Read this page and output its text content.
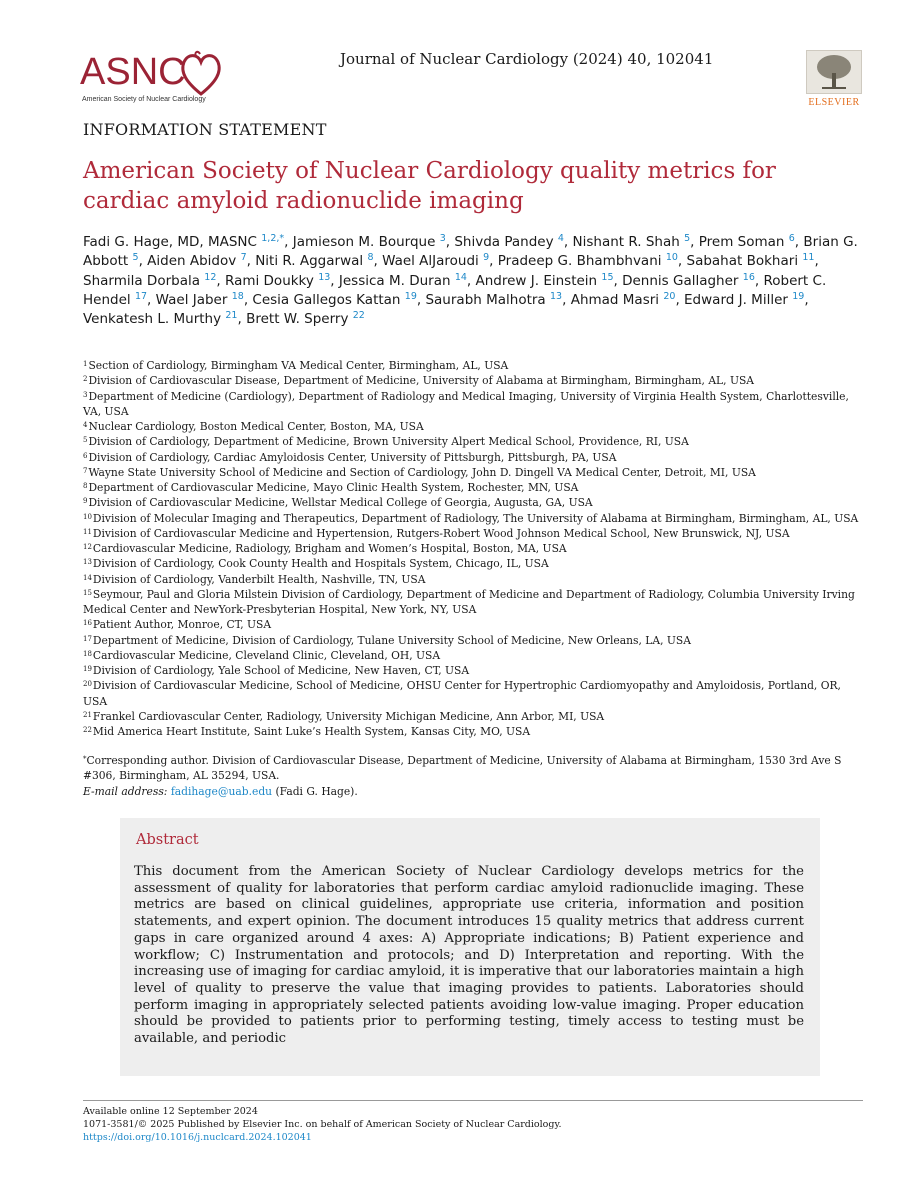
ASNC
American Society of Nuclear Cardiology
Journal of Nuclear Cardiology (2024) 40, 102041
ELSEVIER
INFORMATION STATEMENT
American Society of Nuclear Cardiology quality metrics for cardiac amyloid radionuclide imaging
Fadi G. Hage, MD, MASNC $^{1,2,*}$, Jamieson M. Bourque $^3$, Shivda Pandey $^4$, Nishant R. Shah $^5$, Prem Soman $^6$, Brian G. Abbott $^5$, Aiden Abidov $^7$, Niti R. Aggarwal $^8$, Wael AlJaroudi $^9$, Pradeep G. Bhambhvani $^{10}$, Sabahat Bokhari $^{11}$, Sharmila Dorbala $^{12}$, Rami Doukky $^{13}$, Jessica M. Duran $^{14}$, Andrew J. Einstein $^{15}$, Dennis Gallagher $^{16}$, Robert C. Hendel $^{17}$, Wael Jaber $^{18}$, Cesia Gallegos Kattan $^{19}$, Saurabh Malhotra $^{13}$, Ahmad Masri $^{20}$, Edward J. Miller $^{19}$, Venkatesh L. Murthy $^{21}$, Brett W. Sperry $^{22}$
$^1$Section of Cardiology, Birmingham VA Medical Center, Birmingham, AL, USA
$^2$Division of Cardiovascular Disease, Department of Medicine, University of Alabama at Birmingham, Birmingham, AL, USA
$^3$Department of Medicine (Cardiology), Department of Radiology and Medical Imaging, University of Virginia Health System, Charlottesville, VA, USA
$^4$Nuclear Cardiology, Boston Medical Center, Boston, MA, USA
$^5$Division of Cardiology, Department of Medicine, Brown University Alpert Medical School, Providence, RI, USA
$^6$Division of Cardiology, Cardiac Amyloidosis Center, University of Pittsburgh, Pittsburgh, PA, USA
$^7$Wayne State University School of Medicine and Section of Cardiology, John D. Dingell VA Medical Center, Detroit, MI, USA
$^8$Department of Cardiovascular Medicine, Mayo Clinic Health System, Rochester, MN, USA
$^9$Division of Cardiovascular Medicine, Wellstar Medical College of Georgia, Augusta, GA, USA
$^{10}$Division of Molecular Imaging and Therapeutics, Department of Radiology, The University of Alabama at Birmingham, Birmingham, AL, USA
$^{11}$Division of Cardiovascular Medicine and Hypertension, Rutgers-Robert Wood Johnson Medical School, New Brunswick, NJ, USA
$^{12}$Cardiovascular Medicine, Radiology, Brigham and Women’s Hospital, Boston, MA, USA
$^{13}$Division of Cardiology, Cook County Health and Hospitals System, Chicago, IL, USA
$^{14}$Division of Cardiology, Vanderbilt Health, Nashville, TN, USA
$^{15}$Seymour, Paul and Gloria Milstein Division of Cardiology, Department of Medicine and Department of Radiology, Columbia University Irving Medical Center and NewYork-Presbyterian Hospital, New York, NY, USA
$^{16}$Patient Author, Monroe, CT, USA
$^{17}$Department of Medicine, Division of Cardiology, Tulane University School of Medicine, New Orleans, LA, USA
$^{18}$Cardiovascular Medicine, Cleveland Clinic, Cleveland, OH, USA
$^{19}$Division of Cardiology, Yale School of Medicine, New Haven, CT, USA
$^{20}$Division of Cardiovascular Medicine, School of Medicine, OHSU Center for Hypertrophic Cardiomyopathy and Amyloidosis, Portland, OR, USA
$^{21}$Frankel Cardiovascular Center, Radiology, University Michigan Medicine, Ann Arbor, MI, USA
$^{22}$Mid America Heart Institute, Saint Luke’s Health System, Kansas City, MO, USA
*Corresponding author. Division of Cardiovascular Disease, Department of Medicine, University of Alabama at Birmingham, 1530 3rd Ave S #306, Birmingham, AL 35294, USA.
E-mail address: fadihage@uab.edu (Fadi G. Hage).
Abstract
This document from the American Society of Nuclear Cardiology develops metrics for the assessment of quality for laboratories that perform cardiac amyloid radionuclide imaging. These metrics are based on clinical guidelines, appropriate use criteria, information and position statements, and expert opinion. The document introduces 15 quality metrics that address current gaps in care organized around 4 axes: A) Appropriate indications; B) Patient experience and workflow; C) Instrumentation and protocols; and D) Interpretation and reporting. With the increasing use of imaging for cardiac amyloid, it is imperative that our laboratories maintain a high level of quality to preserve the value that imaging provides to patients. Laboratories should perform imaging in appropriately selected patients avoiding low-value imaging. Proper education should be provided to patients prior to performing testing, timely access to testing must be available, and periodic
Available online 12 September 2024
1071-3581/© 2025 Published by Elsevier Inc. on behalf of American Society of Nuclear Cardiology.
https://doi.org/10.1016/j.nuclcard.2024.102041
